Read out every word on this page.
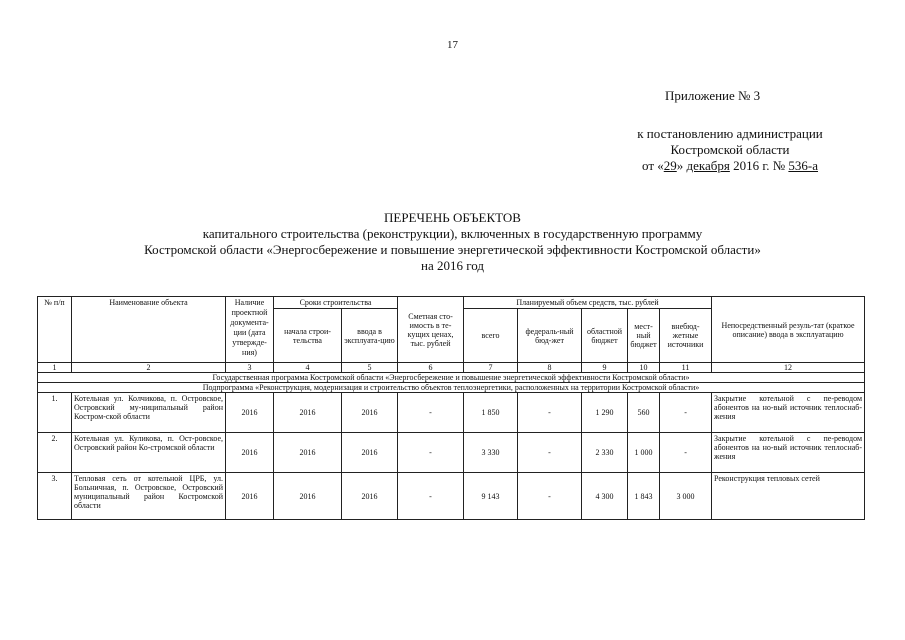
17
Приложение № 3
к постановлению администрации
Костромской области
от «29» декабря 2016 г. № 536-а
ПЕРЕЧЕНЬ ОБЪЕКТОВ
капитального строительства (реконструкции), включенных в государственную программу
Костромской области «Энергосбережение и повышение энергетической эффективности Костромской области»
на 2016 год
№ п/п	Наименование объекта	Наличие проектной документа-ции (дата утвержде-ния)	Сроки строительства		Сметная сто-имость в те-кущих ценах, тыс. рублей	Планируемый объем средств, тыс. рублей					Непосредственный резуль-тат (краткое описание) ввода в эксплуатацию
			начала строи-тельства	ввода в эксплуата-цию		всего	федераль-ный бюд-жет	областной бюджет	мест-ный бюджет	внебюд-жетные источники	
1	2	3	4	5	6	7	8	9	10	11	12
Государственная программа Костромской области «Энергосбережение и повышение энергетической эффективности Костромской области»											
Подпрограмма «Реконструкция, модернизация и строительство объектов теплоэнергетики, расположенных на территории Костромской области»											
1.	Котельная ул. Колчикова, п. Островское, Островский му-ниципальный район Костром-ской области	2016	2016	2016	-	1 850	-	1 290	560	-	Закрытие котельной с пе-реводом абонентов на но-вый источник теплоснаб-жения
2.	Котельная ул. Куликова, п. Ост-ровское, Островский район Ко-стромской области	2016	2016	2016	-	3 330	-	2 330	1 000	-	Закрытие котельной с пе-реводом абонентов на но-вый источник теплоснаб-жения
3.	Тепловая сеть от котельной ЦРБ, ул. Больничная, п. Островское, Островский муниципальный район Костромской области	2016	2016	2016	-	9 143	-	4 300	1 843	3 000	Реконструкция тепловых сетей
